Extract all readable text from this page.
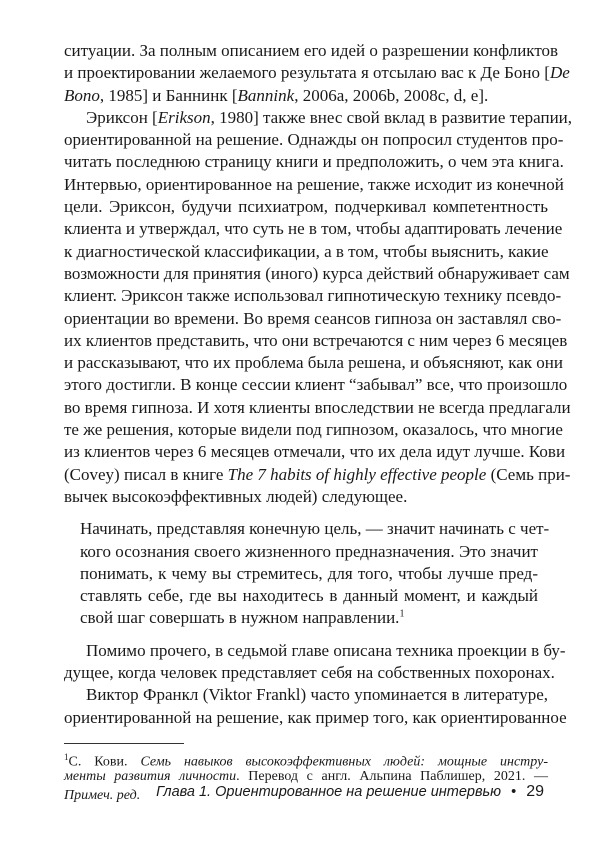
ситуации. За полным описанием его идей о разрешении конфликтов
и проектировании желаемого результата я отсылаю вас к Де Боно [De
Bono, 1985] и Баннинк [Bannink, 2006a, 2006b, 2008c, d, e].
Эриксон [Erikson, 1980] также внес свой вклад в развитие терапии,
ориентированной на решение. Однажды он попросил студентов про-
читать последнюю страницу книги и предположить, о чем эта книга.
Интервью, ориентированное на решение, также исходит из конечной
цели. Эриксон, будучи психиатром, подчеркивал компетентность
клиента и утверждал, что суть не в том, чтобы адаптировать лечение
к диагностической классификации, а в том, чтобы выяснить, какие
возможности для принятия (иного) курса действий обнаруживает сам
клиент. Эриксон также использовал гипнотическую технику псевдо-
ориентации во времени. Во время сеансов гипноза он заставлял сво-
их клиентов представить, что они встречаются с ним через 6 месяцев
и рассказывают, что их проблема была решена, и объясняют, как они
этого достигли. В конце сессии клиент “забывал” все, что произошло
во время гипноза. И хотя клиенты впоследствии не всегда предлагали
те же решения, которые видели под гипнозом, оказалось, что многие
из клиентов через 6 месяцев отмечали, что их дела идут лучше. Кови
(Covey) писал в книге The 7 habits of highly effective people (Семь при-
вычек высокоэффективных людей) следующее.
Начинать, представляя конечную цель, — значит начинать с чет-
кого осознания своего жизненного предназначения. Это значит
понимать, к чему вы стремитесь, для того, чтобы лучше пред-
ставлять себе, где вы находитесь в данный момент, и каждый
свой шаг совершать в нужном направлении.$^1$
Помимо прочего, в седьмой главе описана техника проекции в бу-
дущее, когда человек представляет себя на собственных похоронах.
Виктор Франкл (Viktor Frankl) часто упоминается в литературе,
ориентированной на решение, как пример того, как ориентированное
$^1$С. Кови. Семь навыков высокоэффективных людей: мощные инстру-
менты развития личности. Перевод с англ. Альпина Паблишер, 2021. —
Примеч. ред.	Глава 1. Ориентированное на решение интервью • 29
